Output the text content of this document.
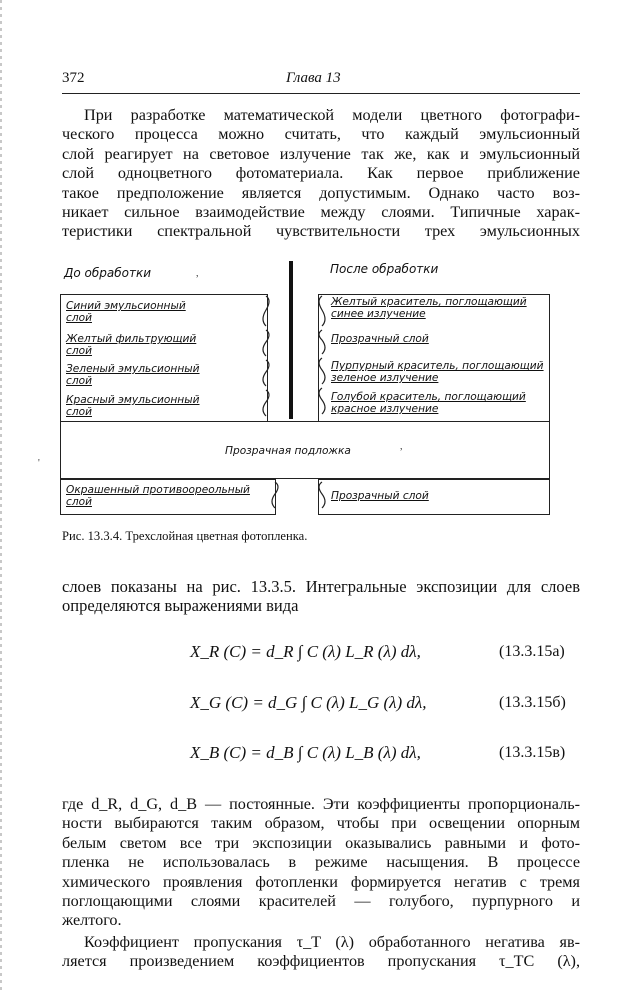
372	Глава 13
При разработке математической модели цветного фотографи-
ческого процесса можно считать, что каждый эмульсионный
слой реагирует на световое излучение так же, как и эмульсионный
слой одноцветного фотоматериала. Как первое приближение
такое предположение является допустимым. Однако часто воз-
никает сильное взаимодействие между слоями. Типичные харак-
теристики спектральной чувствительности трех эмульсионных
До обработки	После обработки
,
Синий эмульсионный
слой
Желтый фильтрующий
слой
Зеленый эмульсионный
слой
Красный эмульсионный
слой
Желтый краситель, поглощающий
синее излучение
Прозрачный слой
Пурпурный краситель, поглощающий
зеленое излучение
Голубой краситель, поглощающий
красное излучение
Прозрачная подложка
'
,
Окрашенный противоореольный
слой	Прозрачный слой
Рис. 13.3.4. Трехслойная цветная фотопленка.
слоев показаны на рис. 13.3.5. Интегральные экспозиции для слоев
определяются выражениями вида
X_R (C) = d_R ∫ C (λ) L_R (λ) dλ,	(13.3.15а)
X_G (C) = d_G ∫ C (λ) L_G (λ) dλ,	(13.3.15б)
X_B (C) = d_B ∫ C (λ) L_B (λ) dλ,	(13.3.15в)
где d_R, d_G, d_B — постоянные. Эти коэффициенты пропорциональ-
ности выбираются таким образом, чтобы при освещении опорным
белым светом все три экспозиции оказывались равными и фото-
пленка не использовалась в режиме насыщения. В процессе
химического проявления фотопленки формируется негатив с тремя
поглощающими слоями красителей — голубого, пурпурного и
желтого.
Коэффициент пропускания τ_T (λ) обработанного негатива яв-
ляется произведением коэффициентов пропускания τ_TC (λ),
